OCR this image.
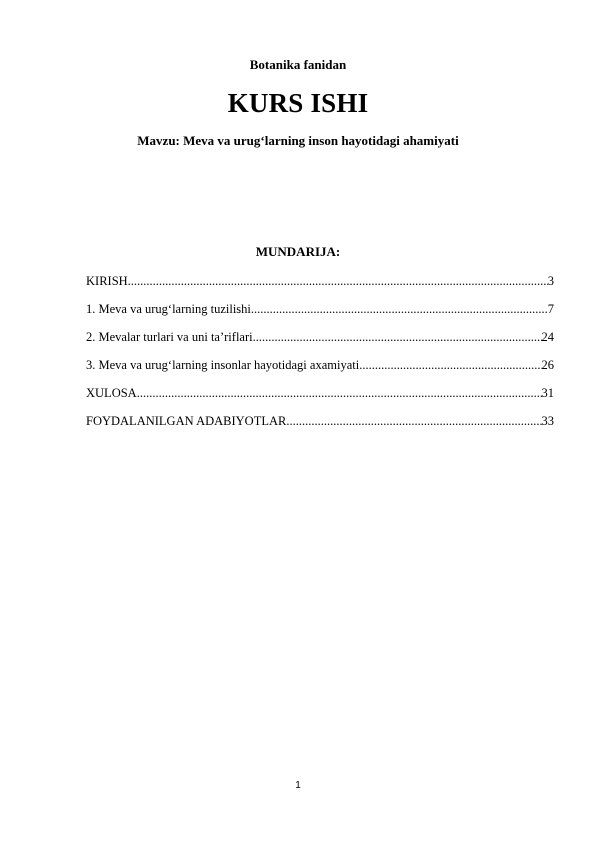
Botanika fanidan
KURS ISHI
Mavzu: Meva va urug‘larning inson hayotidagi ahamiyati
MUNDARIJA:
KIRISH .....	3
1. Meva va urug‘larning tuzilishi .....	7
2. Mevalar turlari va uni ta’riflari .....	24
3. Meva va urug‘larning insonlar hayotidagi axamiyati .....	26
XULOSA .....	31
FOYDALANILGAN ADABIYOTLAR .....	33
1
